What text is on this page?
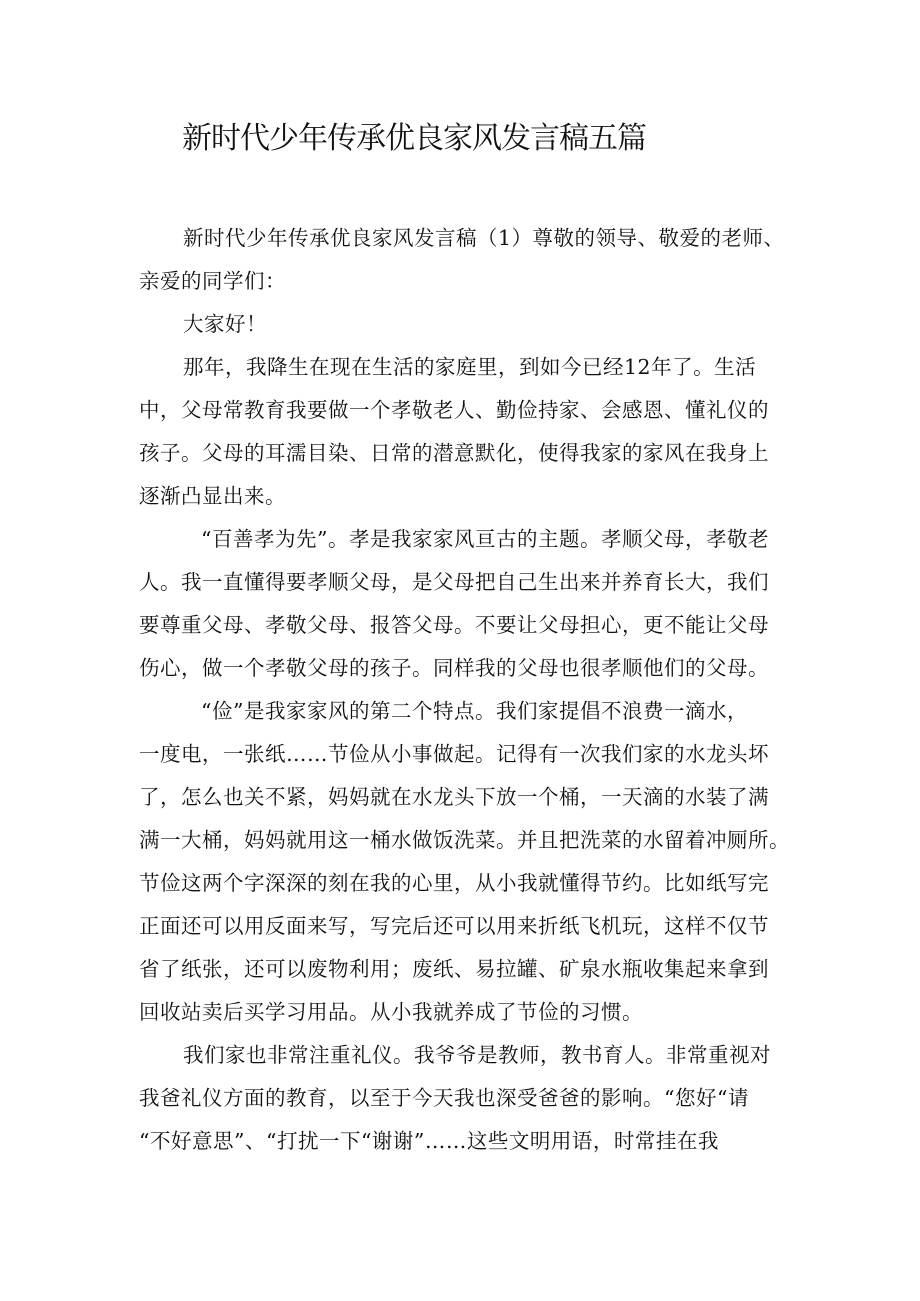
新时代少年传承优良家风发言稿五篇

新时代少年传承优良家风发言稿（1）尊敬的领导、敬爱的老师、

亲爱的同学们：

大家好！

那年，我降生在现在生活的家庭里，到如今已经12年了。生活

中，父母常教育我要做一个孝敬老人、勤俭持家、会感恩、懂礼仪的

孩子。父母的耳濡目染、日常的潜意默化，使得我家的家风在我身上

逐渐凸显出来。

“百善孝为先”。孝是我家家风亘古的主题。孝顺父母，孝敬老

人。我一直懂得要孝顺父母，是父母把自己生出来并养育长大，我们

要尊重父母、孝敬父母、报答父母。不要让父母担心，更不能让父母

伤心，做一个孝敬父母的孩子。同样我的父母也很孝顺他们的父母。

“俭”是我家家风的第二个特点。我们家提倡不浪费一滴水，

一度电，一张纸……节俭从小事做起。记得有一次我们家的水龙头坏

了，怎么也关不紧，妈妈就在水龙头下放一个桶，一天滴的水装了满

满一大桶，妈妈就用这一桶水做饭洗菜。并且把洗菜的水留着冲厕所。

节俭这两个字深深的刻在我的心里，从小我就懂得节约。比如纸写完

正面还可以用反面来写，写完后还可以用来折纸飞机玩，这样不仅节

省了纸张，还可以废物利用；废纸、易拉罐、矿泉水瓶收集起来拿到

回收站卖后买学习用品。从小我就养成了节俭的习惯。

我们家也非常注重礼仪。我爷爷是教师，教书育人。非常重视对

我爸礼仪方面的教育，以至于今天我也深受爸爸的影响。“您好“请

“不好意思”、“打扰一下“谢谢”……这些文明用语，时常挂在我
